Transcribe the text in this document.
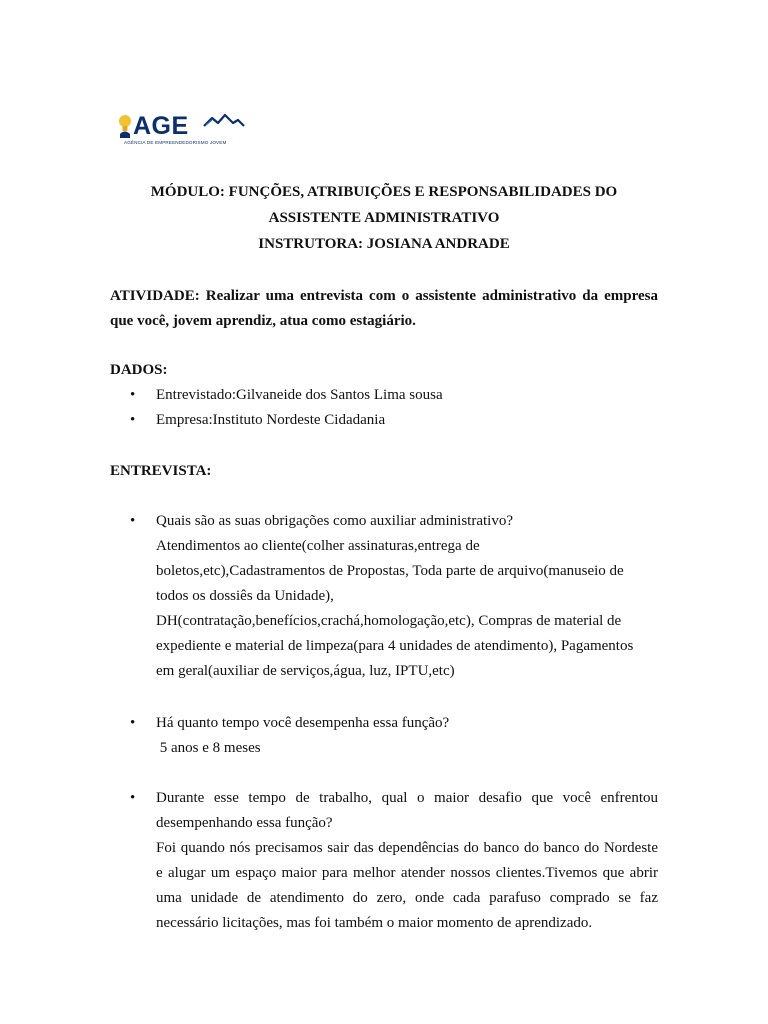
AGE
AGÊNCIA DE EMPREENDEDORISMO JOVEM
MÓDULO: FUNÇÕES, ATRIBUIÇÕES E RESPONSABILIDADES DO
ASSISTENTE ADMINISTRATIVO
INSTRUTORA: JOSIANA ANDRADE
ATIVIDADE: Realizar uma entrevista com o assistente administrativo da empresa
que você, jovem aprendiz, atua como estagiário.
DADOS:
•	Entrevistado:Gilvaneide dos Santos Lima sousa
•	Empresa:Instituto Nordeste Cidadania
ENTREVISTA:
•	Quais são as suas obrigações como auxiliar administrativo?
Atendimentos ao cliente(colher assinaturas,entrega de
boletos,etc),Cadastramentos de Propostas, Toda parte de arquivo(manuseio de
todos os dossiês da Unidade),
DH(contratação,benefícios,crachá,homologação,etc), Compras de material de
expediente e material de limpeza(para 4 unidades de atendimento), Pagamentos
em geral(auxiliar de serviços,água, luz, IPTU,etc)
•	Há quanto tempo você desempenha essa função?
5 anos e 8 meses
•	Durante esse tempo de trabalho, qual o maior desafio que você enfrentou
desempenhando essa função?
Foi quando nós precisamos sair das dependências do banco do banco do Nordeste
e alugar um espaço maior para melhor atender nossos clientes.Tivemos que abrir
uma unidade de atendimento do zero, onde cada parafuso comprado se faz
necessário licitações, mas foi também o maior momento de aprendizado.
